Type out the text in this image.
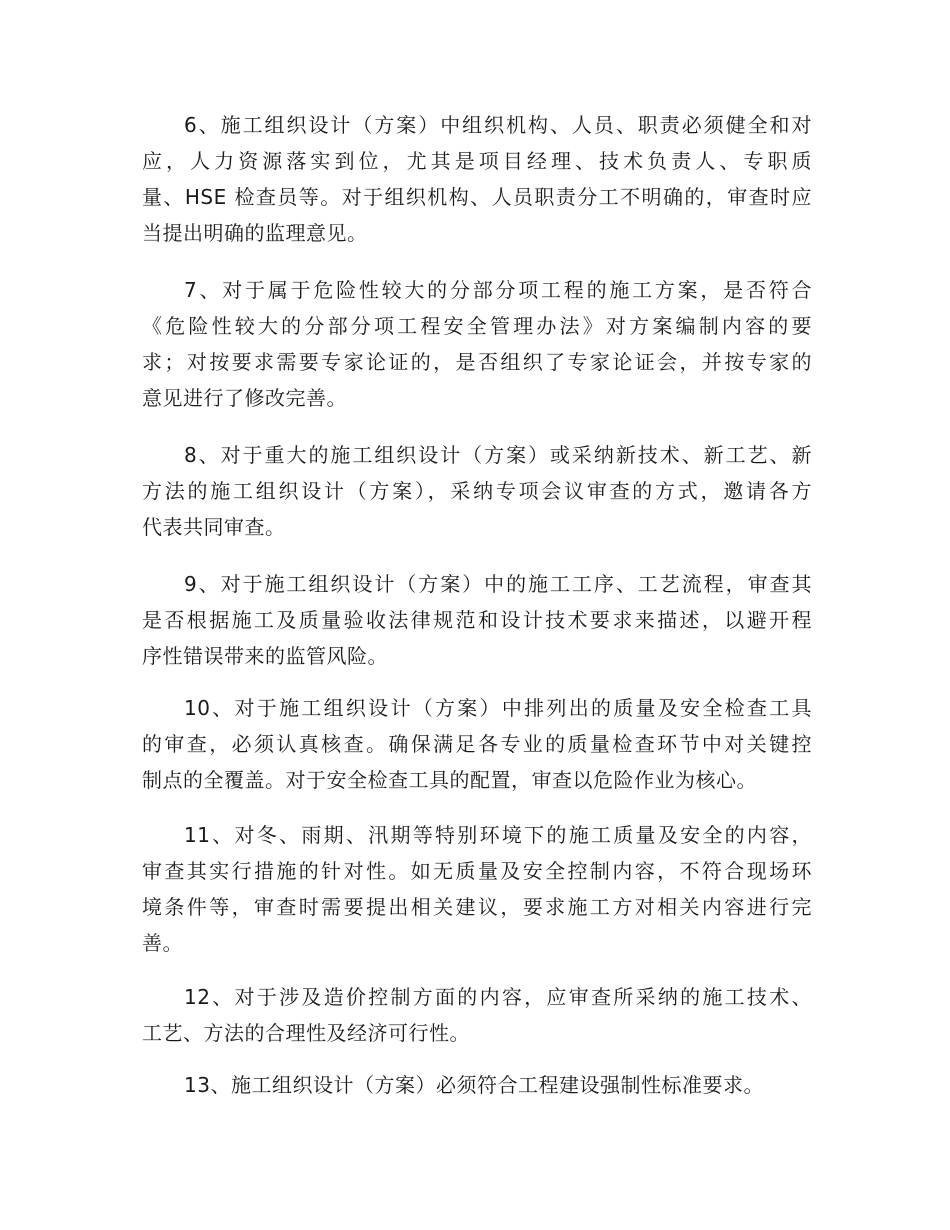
6、施工组织设计（方案）中组织机构、人员、职责必须健全和对
应，人力资源落实到位，尤其是项目经理、技术负责人、专职质
量、HSE 检查员等。对于组织机构、人员职责分工不明确的，审查时应
当提出明确的监理意见。
7、对于属于危险性较大的分部分项工程的施工方案，是否符合
《危险性较大的分部分项工程安全管理办法》对方案编制内容的要
求；对按要求需要专家论证的，是否组织了专家论证会，并按专家的
意见进行了修改完善。
8、对于重大的施工组织设计（方案）或采纳新技术、新工艺、新
方法的施工组织设计（方案），采纳专项会议审查的方式，邀请各方
代表共同审查。
9、对于施工组织设计（方案）中的施工工序、工艺流程，审查其
是否根据施工及质量验收法律规范和设计技术要求来描述，以避开程
序性错误带来的监管风险。
10、对于施工组织设计（方案）中排列出的质量及安全检查工具
的审查，必须认真核查。确保满足各专业的质量检查环节中对关键控
制点的全覆盖。对于安全检查工具的配置，审查以危险作业为核心。
11、对冬、雨期、汛期等特别环境下的施工质量及安全的内容，
审查其实行措施的针对性。如无质量及安全控制内容，不符合现场环
境条件等，审查时需要提出相关建议，要求施工方对相关内容进行完
善。
12、对于涉及造价控制方面的内容，应审查所采纳的施工技术、
工艺、方法的合理性及经济可行性。
13、施工组织设计（方案）必须符合工程建设强制性标准要求。
